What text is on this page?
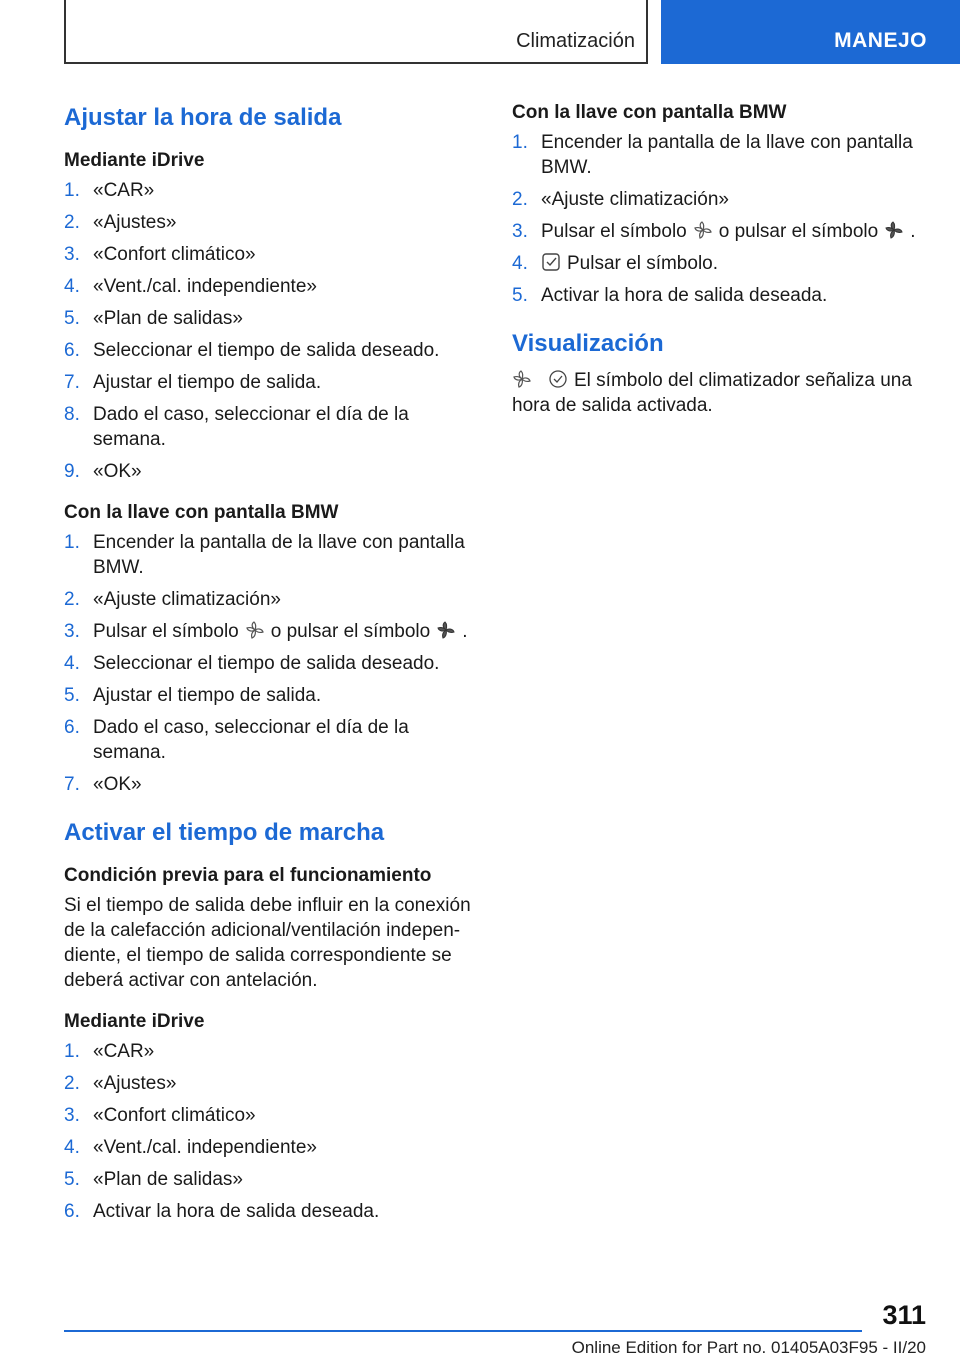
Climatización	MANEJO
Ajustar la hora de salida
Mediante iDrive
1. «CAR»
2. «Ajustes»
3. «Confort climático»
4. «Vent./cal. independiente»
5. «Plan de salidas»
6. Seleccionar el tiempo de salida deseado.
7. Ajustar el tiempo de salida.
8. Dado el caso, seleccionar el día de la semana.
9. «OK»
Con la llave con pantalla BMW
1. Encender la pantalla de la llave con pantalla BMW.
2. «Ajuste climatización»
3. Pulsar el símbolo o pulsar el símbolo .
4. Seleccionar el tiempo de salida deseado.
5. Ajustar el tiempo de salida.
6. Dado el caso, seleccionar el día de la semana.
7. «OK»
Activar el tiempo de marcha
Condición previa para el funcionamiento

Si el tiempo de salida debe influir en la conexión de la calefacción adicional/ventilación indepen-diente, el tiempo de salida correspondiente se deberá activar con antelación.

Mediante iDrive
1. «CAR»
2. «Ajustes»
3. «Confort climático»
4. «Vent./cal. independiente»
5. «Plan de salidas»
6. Activar la hora de salida deseada.
Con la llave con pantalla BMW
1. Encender la pantalla de la llave con pantalla BMW.
2. «Ajuste climatización»
3. Pulsar el símbolo o pulsar el símbolo .
4. Pulsar el símbolo.
5. Activar la hora de salida deseada.
Visualización

El símbolo del climatizador señaliza una hora de salida activada.

311
Online Edition for Part no. 01405A03F95 - II/20
